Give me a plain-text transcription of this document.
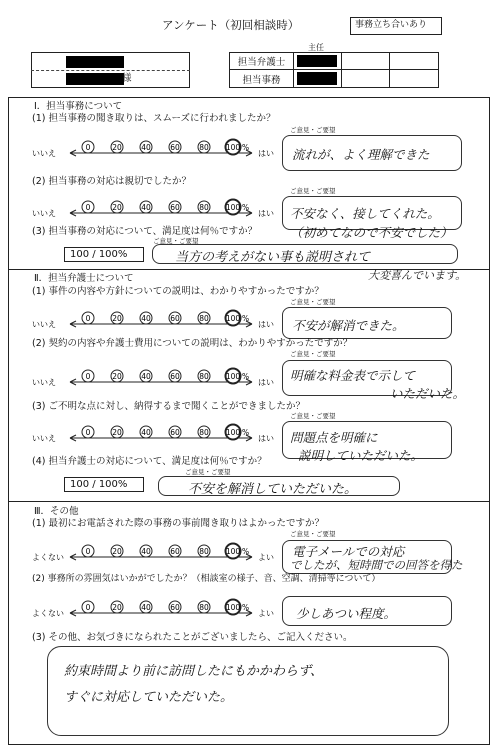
アンケート（初回相談時）	事務立ち合いあり
様
主任
担当弁護士
担当事務
Ⅰ．担当事務について
(1) 担当事務の聞き取りは、スムーズに行われましたか？
ご意見・ご要望
いいえ
0	20	40	60	80 100 %
はい 流れが、よく理解できた
(2) 担当事務の対応は親切でしたか？
ご意見・ご要望
いいえ
0	20	40	60	80 100 %
はい 不安なく、接してくれた。
（初めてなので不安でした）
(3) 担当事務の対応について、満足度は何％ですか？
ご意見・ご要望
100 / 100%	当方の考えがない事も説明されて
大変喜んでいます。
Ⅱ．担当弁護士について
(1) 事件の内容や方針についての説明は、わかりやすかったですか？
ご意見・ご要望
いいえ
0	20	40	60	80 100 %
はい 不安が解消できた。
(2) 契約の内容や弁護士費用についての説明は、わかりやすかったですか？
ご意見・ご要望
いいえ
0	20	40	60	80 100 %
はい 明確な料金表で示して
いただいた。
(3) ご不明な点に対し、納得するまで聞くことができましたか？
ご意見・ご要望
いいえ
0	20	40	60	80 100 %
はい 問題点を明確に
説明していただいた。
(4) 担当弁護士の対応について、満足度は何％ですか？
ご意見・ご要望
100 / 100%	不安を解消していただいた。
Ⅲ．その他
(1) 最初にお電話された際の事務の事前聞き取りはよかったですか？
ご意見・ご要望
よくない
0	20	40	60	80 100 %
よい 電子メールでの対応
でしたが、短時間での回答を得た
(2) 事務所の雰囲気はいかがでしたか？（相談室の様子、音、空調、清掃等について）
よくない
0	20	40	60	80 100 %
よい 少しあつい程度。
(3) その他、お気づきになられたことがございましたら、ご記入ください。
約束時間より前に訪問したにもかかわらず、
すぐに対応していただいた。
